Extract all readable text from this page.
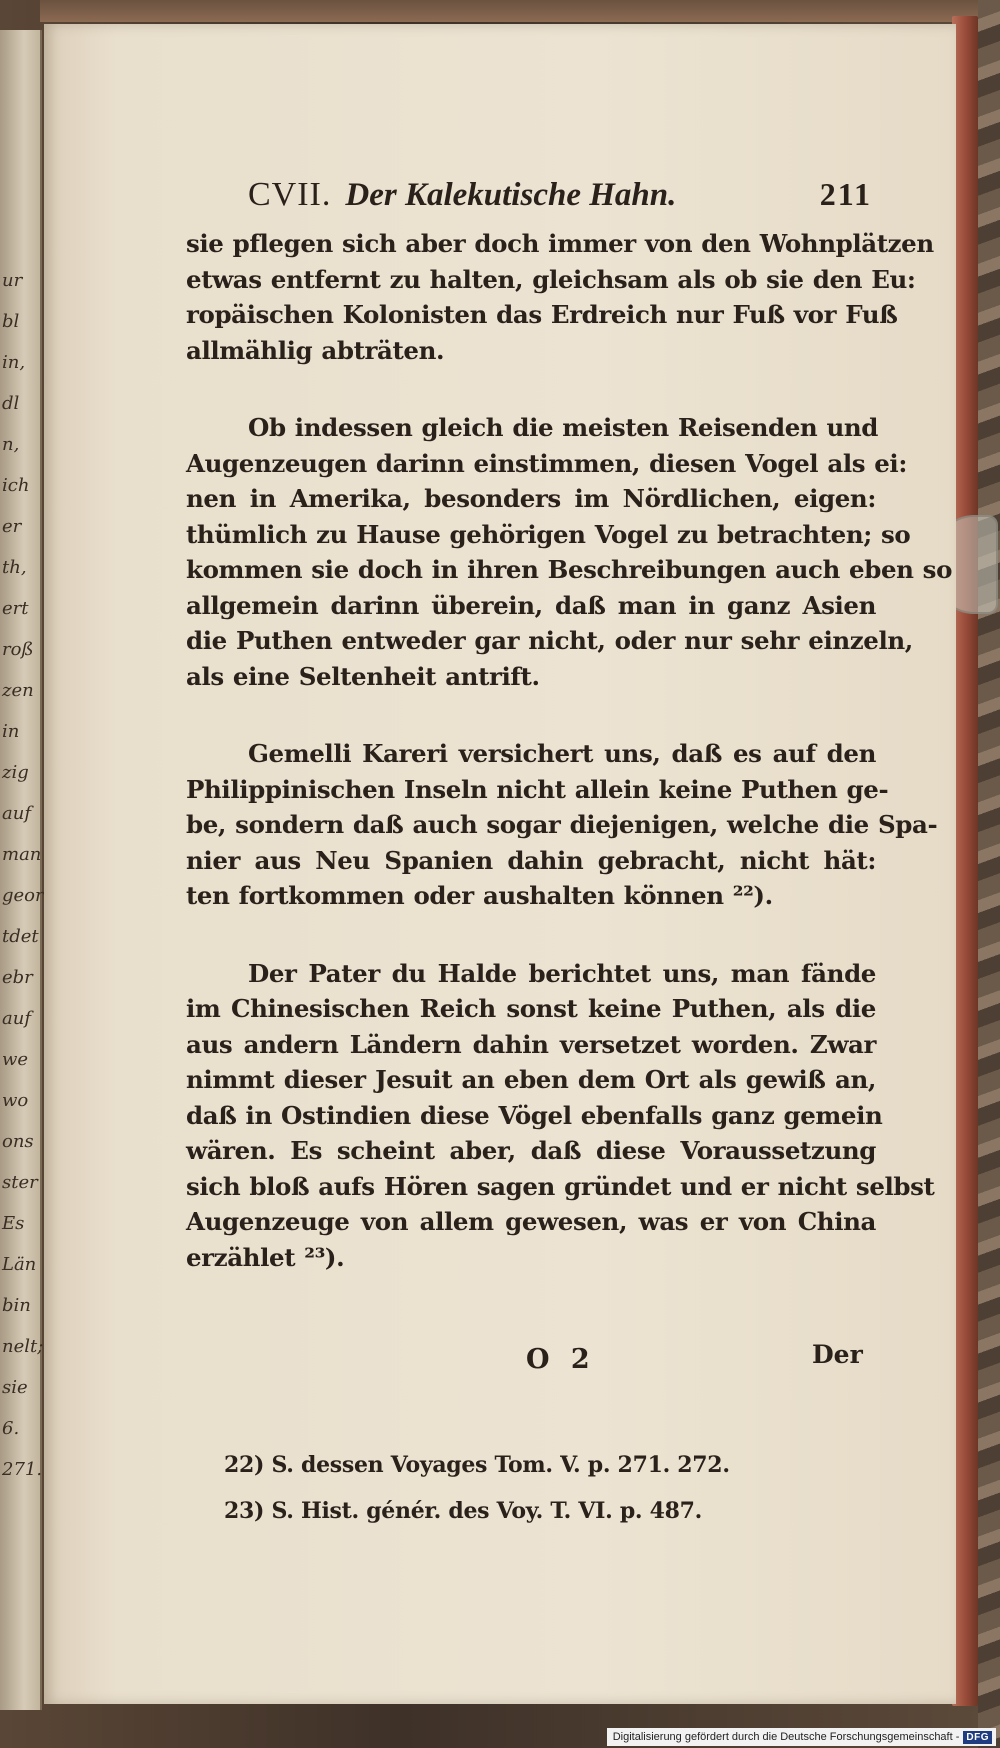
ur
bl
in,
dl
n,
ich
er
th,
ert
roß
zen
in
zig
auf
man
geor
tdet
ebr
auf
we
wo
ons
ster
Es
Län
bin
nelt;
sie
6.
271.
CVII. Der Kalekutische Hahn.	211
sie pflegen sich aber doch immer von den Wohnplätzen
etwas entfernt zu halten, gleichsam als ob sie den Eu:
ropäischen Kolonisten das Erdreich nur Fuß vor Fuß
allmählig abträten.
Ob indessen gleich die meisten Reisenden und
Augenzeugen darinn einstimmen, diesen Vogel als ei:
nen in Amerika, besonders im Nördlichen, eigen:
thümlich zu Hause gehörigen Vogel zu betrachten; so
kommen sie doch in ihren Beschreibungen auch eben so
allgemein darinn überein, daß man in ganz Asien
die Puthen entweder gar nicht, oder nur sehr einzeln,
als eine Seltenheit antrift.
Gemelli Kareri versichert uns, daß es auf den
Philippinischen Inseln nicht allein keine Puthen ge-
be, sondern daß auch sogar diejenigen, welche die Spa-
nier aus Neu Spanien dahin gebracht, nicht hät:
ten fortkommen oder aushalten können ²²).
Der Pater du Halde berichtet uns, man fände
im Chinesischen Reich sonst keine Puthen, als die
aus andern Ländern dahin versetzet worden. Zwar
nimmt dieser Jesuit an eben dem Ort als gewiß an,
daß in Ostindien diese Vögel ebenfalls ganz gemein
wären. Es scheint aber, daß diese Voraussetzung
sich bloß aufs Hören sagen gründet und er nicht selbst
Augenzeuge von allem gewesen, was er von China
erzählet ²³).
O 2	Der
22) S. dessen Voyages Tom. V. p. 271. 272.
23) S. Hist. génér. des Voy. T. VI. p. 487.
Digitalisierung gefördert durch die Deutsche Forschungsgemeinschaft - DFG
